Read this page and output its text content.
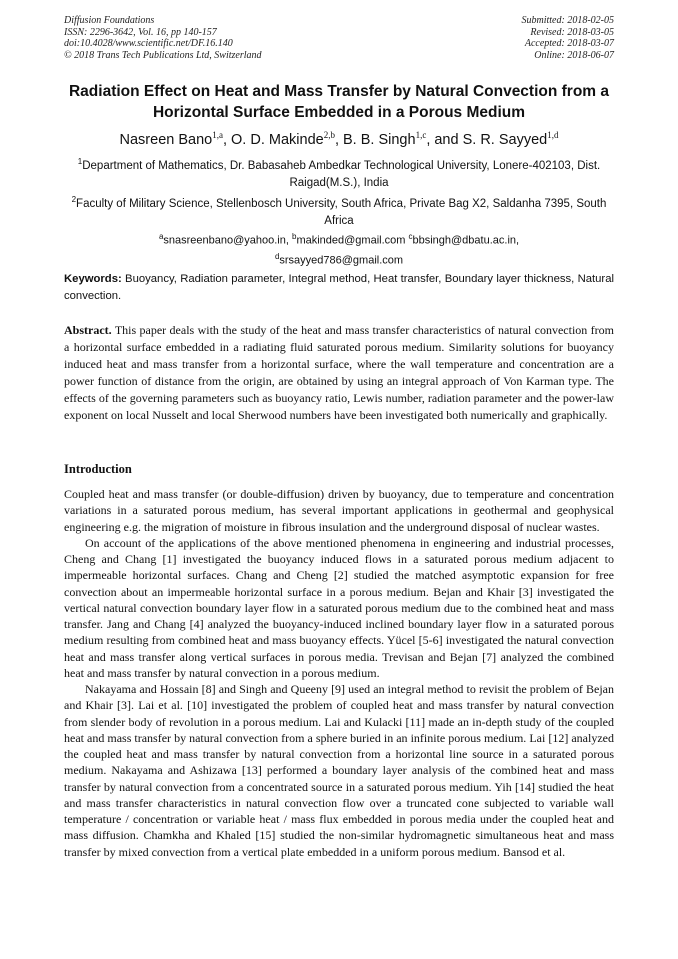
Diffusion Foundations
ISSN: 2296-3642, Vol. 16, pp 140-157
doi:10.4028/www.scientific.net/DF.16.140
© 2018 Trans Tech Publications Ltd, Switzerland
Submitted: 2018-02-05
Revised: 2018-03-05
Accepted: 2018-03-07
Online: 2018-06-07
Radiation Effect on Heat and Mass Transfer by Natural Convection from a Horizontal Surface Embedded in a Porous Medium
Nasreen Bano$^{1,a}$, O. D. Makinde$^{2,b}$, B. B. Singh$^{1,c}$, and S. R. Sayyed$^{1,d}$
$^1$Department of Mathematics, Dr. Babasaheb Ambedkar Technological University, Lonere-402103, Dist. Raigad(M.S.), India
$^2$Faculty of Military Science, Stellenbosch University, South Africa, Private Bag X2, Saldanha 7395, South Africa
$^a$snasreenbano@yahoo.in, $^b$makinded@gmail.com $^c$bbsingh@dbatu.ac.in,
$^d$srsayyed786@gmail.com
Keywords: Buoyancy, Radiation parameter, Integral method, Heat transfer, Boundary layer thickness, Natural convection.
Abstract. This paper deals with the study of the heat and mass transfer characteristics of natural convection from a horizontal surface embedded in a radiating fluid saturated porous medium. Similarity solutions for buoyancy induced heat and mass transfer from a horizontal surface, where the wall temperature and concentration are a power function of distance from the origin, are obtained by using an integral approach of Von Karman type. The effects of the governing parameters such as buoyancy ratio, Lewis number, radiation parameter and the power-law exponent on local Nusselt and local Sherwood numbers have been investigated both numerically and graphically.
Introduction

Coupled heat and mass transfer (or double-diffusion) driven by buoyancy, due to temperature and concentration variations in a saturated porous medium, has several important applications in geothermal and geophysical engineering e.g. the migration of moisture in fibrous insulation and the underground disposal of nuclear wastes.

On account of the applications of the above mentioned phenomena in engineering and industrial processes, Cheng and Chang [1] investigated the buoyancy induced flows in a saturated porous medium adjacent to impermeable horizontal surfaces. Chang and Cheng [2] studied the matched asymptotic expansion for free convection about an impermeable horizontal surface in a porous medium. Bejan and Khair [3] investigated the vertical natural convection boundary layer flow in a saturated porous medium due to the combined heat and mass transfer. Jang and Chang [4] analyzed the buoyancy-induced inclined boundary layer flow in a saturated porous medium resulting from combined heat and mass buoyancy effects. Yücel [5-6] investigated the natural convection heat and mass transfer along vertical surfaces in porous media. Trevisan and Bejan [7] analyzed the combined heat and mass transfer by natural convection in a porous medium.

Nakayama and Hossain [8] and Singh and Queeny [9] used an integral method to revisit the problem of Bejan and Khair [3]. Lai et al. [10] investigated the problem of coupled heat and mass transfer by natural convection from slender body of revolution in a porous medium. Lai and Kulacki [11] made an in-depth study of the coupled heat and mass transfer by natural convection from a sphere buried in an infinite porous medium. Lai [12] analyzed the coupled heat and mass transfer by natural convection from a horizontal line source in a saturated porous medium. Nakayama and Ashizawa [13] performed a boundary layer analysis of the combined heat and mass transfer by natural convection from a concentrated source in a saturated porous medium. Yih [14] studied the heat and mass transfer characteristics in natural convection flow over a truncated cone subjected to variable wall temperature / concentration or variable heat / mass flux embedded in porous media under the coupled heat and mass diffusion. Chamkha and Khaled [15] studied the non-similar hydromagnetic simultaneous heat and mass transfer by mixed convection from a vertical plate embedded in a uniform porous medium. Bansod et al.
